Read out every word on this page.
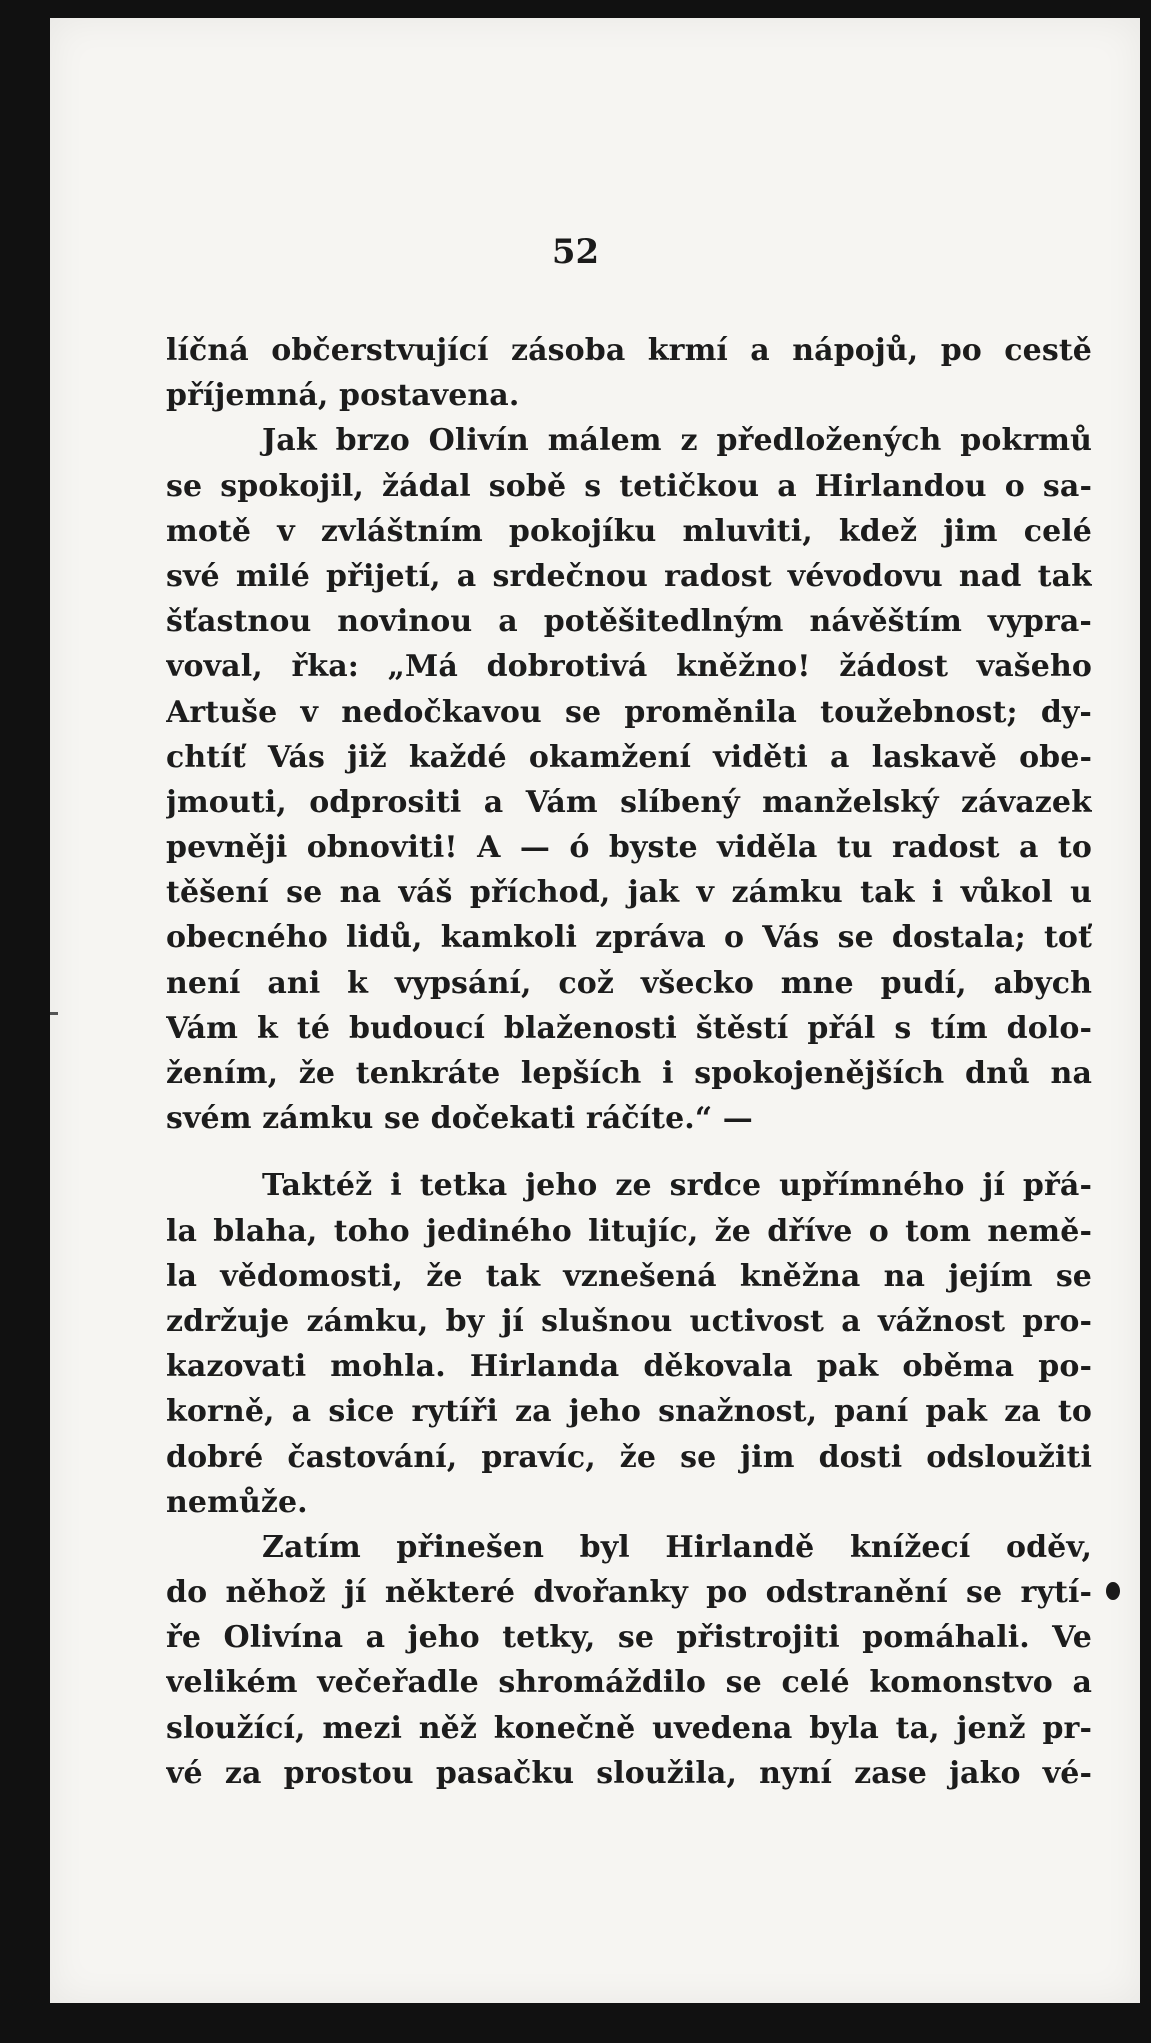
52
líčná občerstvující zásoba krmí a nápojů, po cestě
příjemná, postavena.
Jak brzo Olivín málem z předložených pokrmů
se spokojil, žádal sobě s tetičkou a Hirlandou o sa-
motě v zvláštním pokojíku mluviti, kdež jim celé
své milé přijetí, a srdečnou radost vévodovu nad tak
šťastnou novinou a potěšitedlným návěštím vypra-
voval, řka: „Má dobrotivá kněžno! žádost vašeho
Artuše v nedočkavou se proměnila toužebnost; dy-
chtíť Vás již každé okamžení viděti a laskavě obe-
jmouti, odprositi a Vám slíbený manželský závazek
pevněji obnoviti! A — ó byste viděla tu radost a to
těšení se na váš příchod, jak v zámku tak i vůkol u
obecného lidů, kamkoli zpráva o Vás se dostala; toť
není ani k vypsání, což všecko mne pudí, abych
Vám k té budoucí blaženosti štěstí přál s tím dolo-
žením, že tenkráte lepších i spokojenějších dnů na
svém zámku se dočekati ráčíte.“ —
Taktéž i tetka jeho ze srdce upřímného jí přá-
la blaha, toho jediného litujíc, že dříve o tom nemě-
la vědomosti, že tak vznešená kněžna na jejím se
zdržuje zámku, by jí slušnou uctivost a vážnost pro-
kazovati mohla. Hirlanda děkovala pak oběma po-
korně, a sice rytíři za jeho snažnost, paní pak za to
dobré častování, pravíc, že se jim dosti odsloužiti
nemůže.
Zatím přinešen byl Hirlandě knížecí oděv,
do něhož jí některé dvořanky po odstranění se rytí-
ře Olivína a jeho tetky, se přistrojiti pomáhali. Ve
velikém večeřadle shromáždilo se celé komonstvo a
sloužící, mezi něž konečně uvedena byla ta, jenž pr-
vé za prostou pasačku sloužila, nyní zase jako vé-
